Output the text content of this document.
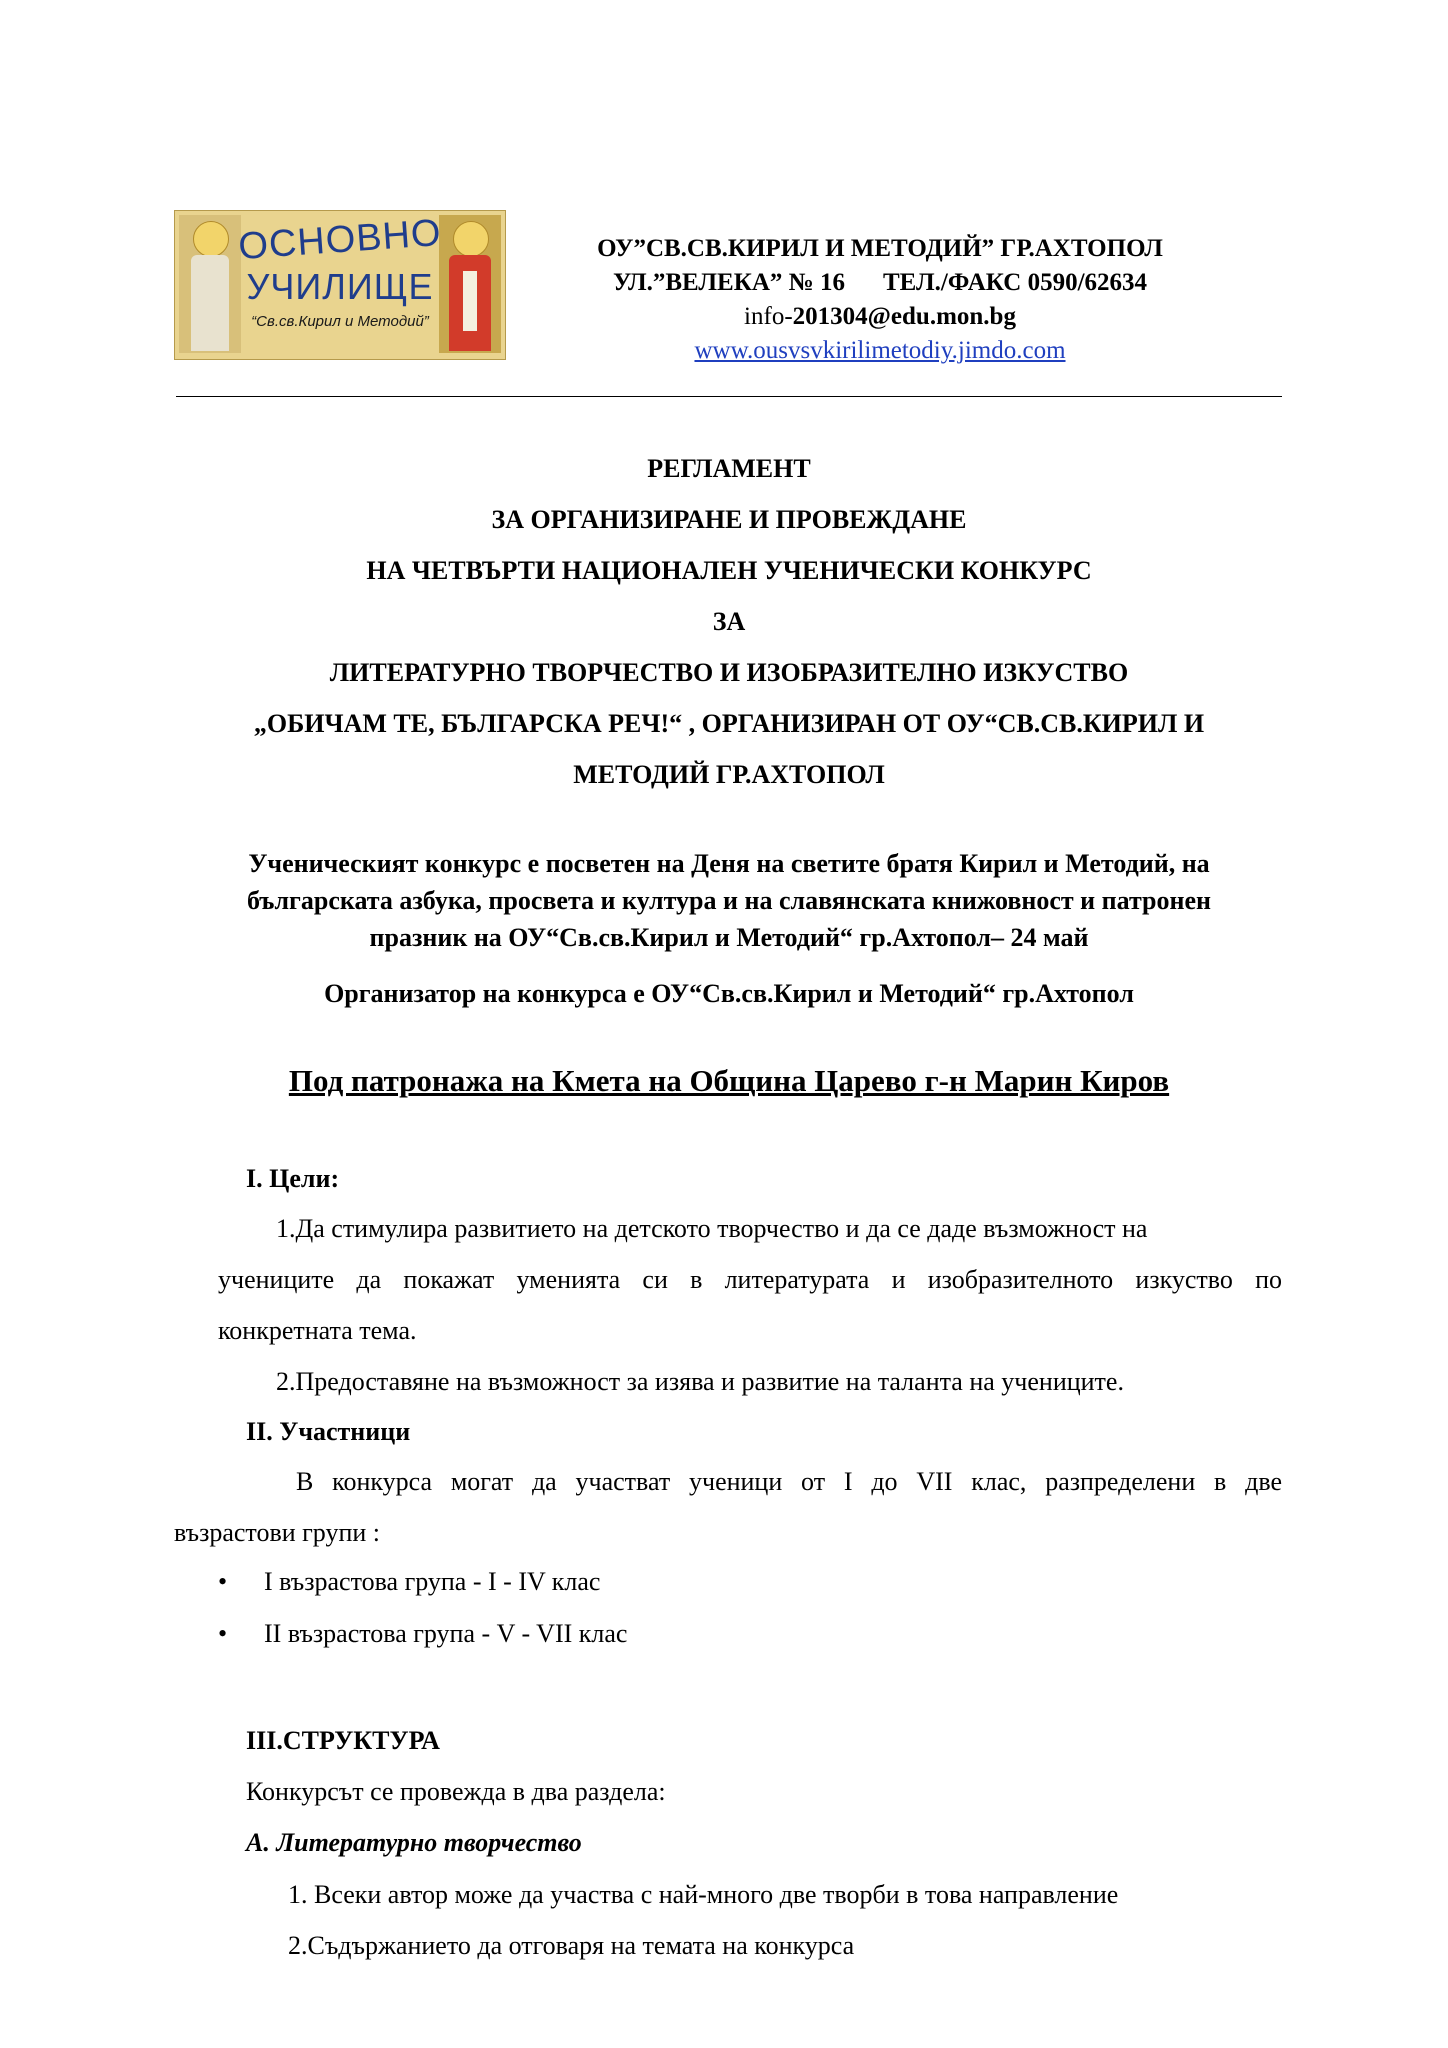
ОСНОВНО
УЧИЛИЩЕ
“Св.св.Кирил и Методий”
ОУ”СВ.СВ.КИРИЛ И МЕТОДИЙ” ГР.АХТОПОЛ
УЛ.”ВЕЛЕКА” № 16 ТЕЛ./ФАКС 0590/62634
info-201304@edu.mon.bg
www.ousvsvkirilimetodiy.jimdo.com
РЕГЛАМЕНТ
ЗА ОРГАНИЗИРАНЕ И ПРОВЕЖДАНЕ
НА ЧЕТВЪРТИ НАЦИОНАЛЕН УЧЕНИЧЕСКИ КОНКУРС
ЗА
ЛИТЕРАТУРНО ТВОРЧЕСТВО И ИЗОБРАЗИТЕЛНО ИЗКУСТВО
„ОБИЧАМ ТЕ, БЪЛГАРСКА РЕЧ!“ , ОРГАНИЗИРАН ОТ ОУ“СВ.СВ.КИРИЛ И
МЕТОДИЙ ГР.АХТОПОЛ
Ученическият конкурс е посветен на Деня на светите братя Кирил и Методий, на
българската азбука, просвета и култура и на славянската книжовност и патронен
празник на ОУ“Св.св.Кирил и Методий“ гр.Ахтопол– 24 май
Организатор на конкурса е ОУ“Св.св.Кирил и Методий“ гр.Ахтопол
Под патронажа на Кмета на Община Царево г-н Марин Киров
I. Цели:
1.Да стимулира развитието на детското творчество и да се даде възможност на
учениците да покажат уменията си в литературата и изобразителното изкуство по
конкретната тема.
2.Предоставяне на възможност за изява и развитие на таланта на учениците.
II. Участници
В конкурса могат да участват ученици от I до VII клас, разпределени в две
възрастови групи :
• I възрастова група - I - IV клас
• II възрастова група - V - VII клас
III.СТРУКТУРА
Конкурсът се провежда в два раздела:
А. Литературно творчество
1. Всеки автор може да участва с най-много две творби в това направление
2.Съдържанието да отговаря на темата на конкурса
